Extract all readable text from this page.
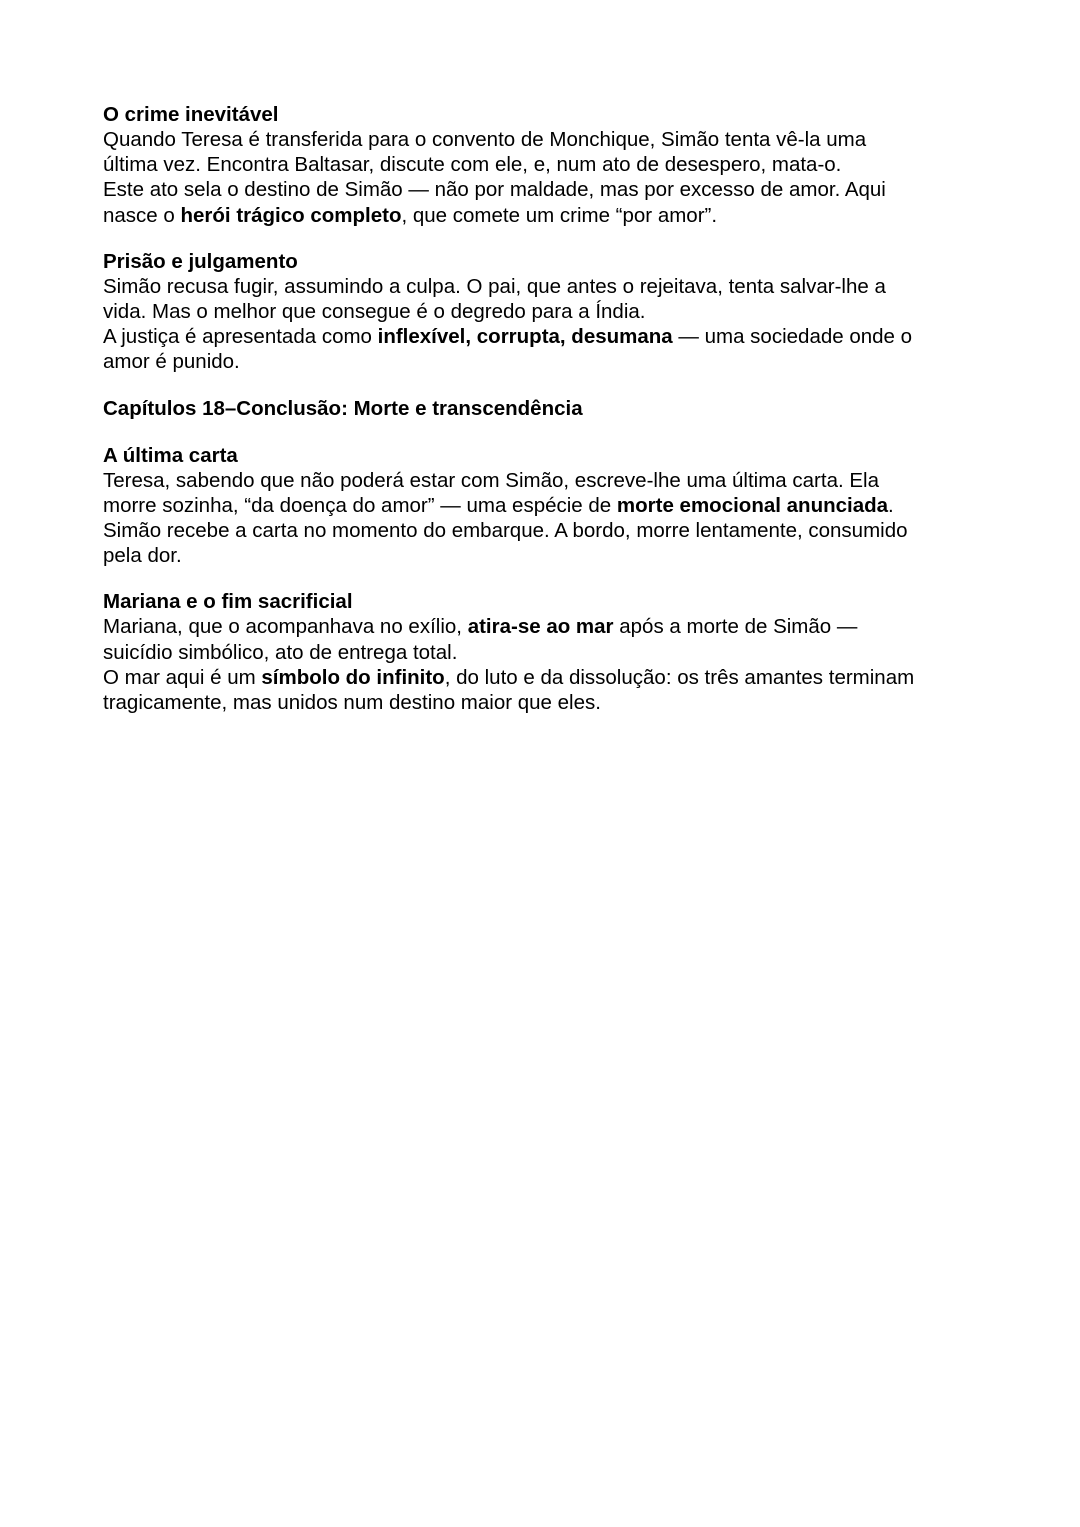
O crime inevitável

Quando Teresa é transferida para o convento de Monchique, Simão tenta vê-la uma
última vez. Encontra Baltasar, discute com ele, e, num ato de desespero, mata-o.
Este ato sela o destino de Simão — não por maldade, mas por excesso de amor. Aqui
nasce o herói trágico completo, que comete um crime “por amor”.

Prisão e julgamento

Simão recusa fugir, assumindo a culpa. O pai, que antes o rejeitava, tenta salvar-lhe a
vida. Mas o melhor que consegue é o degredo para a Índia.
A justiça é apresentada como inflexível, corrupta, desumana — uma sociedade onde o
amor é punido.

Capítulos 18–Conclusão: Morte e transcendência

A última carta

Teresa, sabendo que não poderá estar com Simão, escreve-lhe uma última carta. Ela
morre sozinha, “da doença do amor” — uma espécie de morte emocional anunciada.
Simão recebe a carta no momento do embarque. A bordo, morre lentamente, consumido
pela dor.

Mariana e o fim sacrificial

Mariana, que o acompanhava no exílio, atira-se ao mar após a morte de Simão —
suicídio simbólico, ato de entrega total.
O mar aqui é um símbolo do infinito, do luto e da dissolução: os três amantes terminam
tragicamente, mas unidos num destino maior que eles.
